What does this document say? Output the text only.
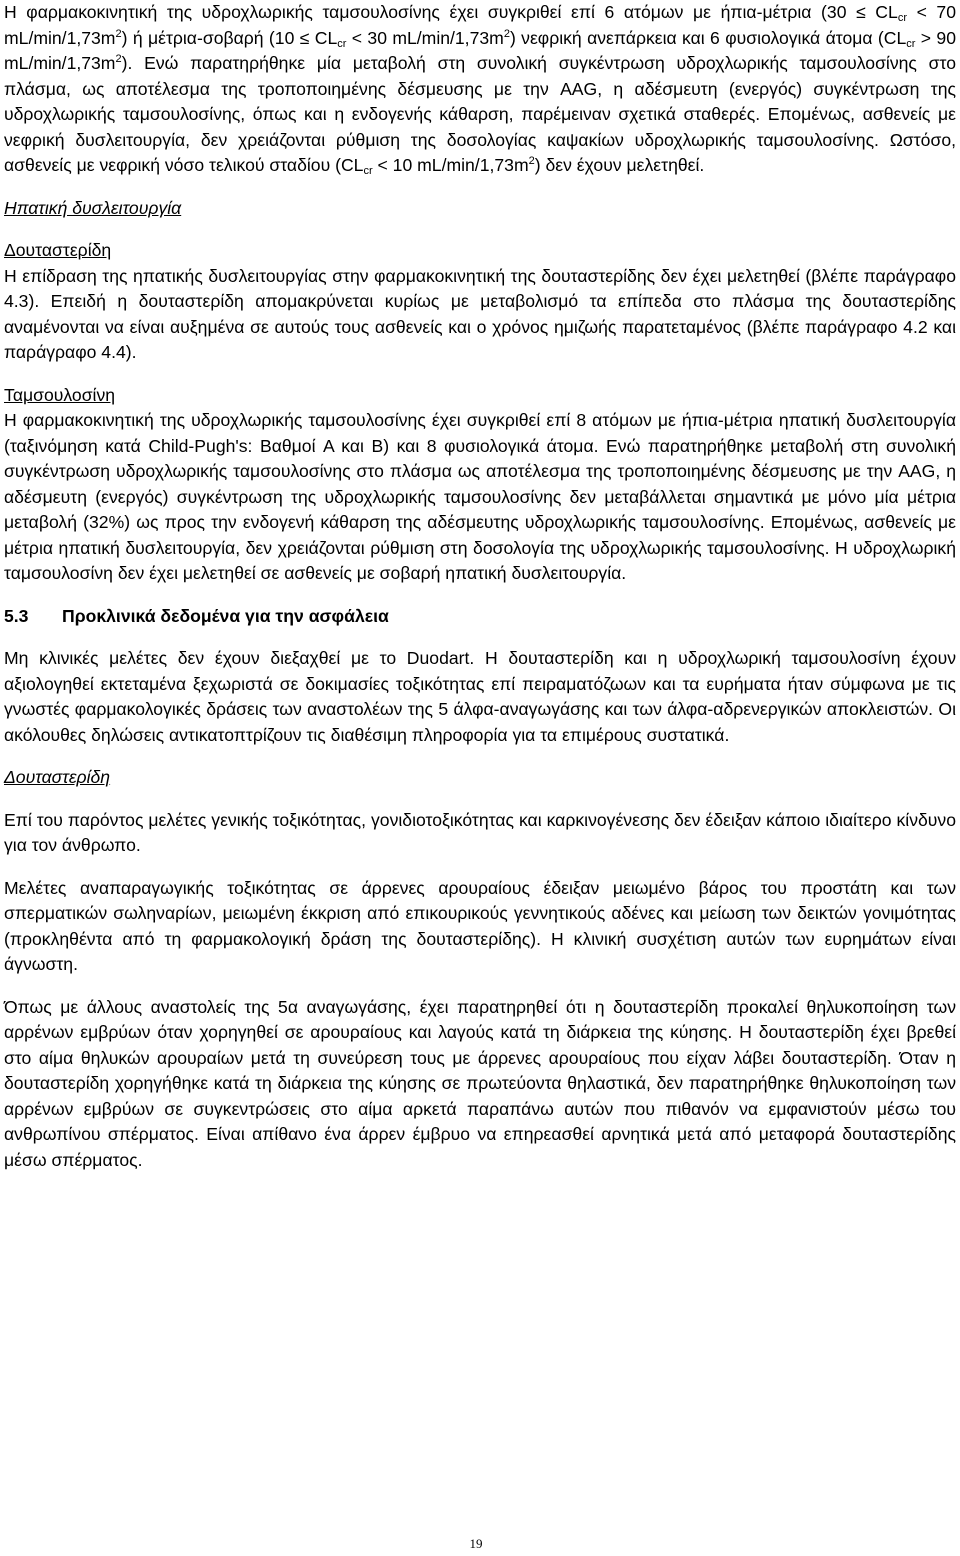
Η φαρμακοκινητική της υδροχλωρικής ταμσουλοσίνης έχει συγκριθεί επί 6 ατόμων με ήπια-μέτρια ($30 \le CL_{cr} < 70$ $mL/\min/1,73m^2$) ή μέτρια-σοβαρή ($10 \le CL_{cr} < 30$ $mL/\min/1,73m^2$) νεφρική ανεπάρκεια και 6 φυσιολογικά άτομα ($CL_{cr} > 90$ $mL/\min/1,73m^2$). Ενώ παρατηρήθηκε μία μεταβολή στη συνολική συγκέντρωση υδροχλωρικής ταμσουλοσίνης στο πλάσμα, ως αποτέλεσμα της τροποποιημένης δέσμευσης με την AAG, η αδέσμευτη (ενεργός) συγκέντρωση της υδροχλωρικής ταμσουλοσίνης, όπως και η ενδογενής κάθαρση, παρέμειναν σχετικά σταθερές. Επομένως, ασθενείς με νεφρική δυσλειτουργία, δεν χρειάζονται ρύθμιση της δοσολογίας καψακίων υδροχλωρικής ταμσουλοσίνης. Ωστόσο, ασθενείς με νεφρική νόσο τελικού σταδίου ($CL_{cr} < 10$ $mL/\min/1,73m^2$) δεν έχουν μελετηθεί.

Ηπατική δυσλειτουργία

Δουταστερίδη

Η επίδραση της ηπατικής δυσλειτουργίας στην φαρμακοκινητική της δουταστερίδης δεν έχει μελετηθεί (βλέπε παράγραφο 4.3). Επειδή η δουταστερίδη απομακρύνεται κυρίως με μεταβολισμό τα επίπεδα στο πλάσμα της δουταστερίδης αναμένονται να είναι αυξημένα σε αυτούς τους ασθενείς και ο χρόνος ημιζωής παρατεταμένος (βλέπε παράγραφο 4.2 και παράγραφο 4.4).

Ταμσουλοσίνη

Η φαρμακοκινητική της υδροχλωρικής ταμσουλοσίνης έχει συγκριθεί επί 8 ατόμων με ήπια-μέτρια ηπατική δυσλειτουργία (ταξινόμηση κατά Child-Pugh's: Βαθμοί A και B) και 8 φυσιολογικά άτομα. Ενώ παρατηρήθηκε μεταβολή στη συνολική συγκέντρωση υδροχλωρικής ταμσουλοσίνης στο πλάσμα ως αποτέλεσμα της τροποποιημένης δέσμευσης με την AAG, η αδέσμευτη (ενεργός) συγκέντρωση της υδροχλωρικής ταμσουλοσίνης δεν μεταβάλλεται σημαντικά με μόνο μία μέτρια μεταβολή (32%) ως προς την ενδογενή κάθαρση της αδέσμευτης υδροχλωρικής ταμσουλοσίνης. Επομένως, ασθενείς με μέτρια ηπατική δυσλειτουργία, δεν χρειάζονται ρύθμιση στη δοσολογία της υδροχλωρικής ταμσουλοσίνης. Η υδροχλωρική ταμσουλοσίνη δεν έχει μελετηθεί σε ασθενείς με σοβαρή ηπατική δυσλειτουργία.

5.3 Προκλινικά δεδομένα για την ασφάλεια

Μη κλινικές μελέτες δεν έχουν διεξαχθεί με το Duodart. Η δουταστερίδη και η υδροχλωρική ταμσουλοσίνη έχουν αξιολογηθεί εκτεταμένα ξεχωριστά σε δοκιμασίες τοξικότητας επί πειραματόζωων και τα ευρήματα ήταν σύμφωνα με τις γνωστές φαρμακολογικές δράσεις των αναστολέων της 5 άλφα-αναγωγάσης και των άλφα-αδρενεργικών αποκλειστών. Οι ακόλουθες δηλώσεις αντικατοπτρίζουν τις διαθέσιμη πληροφορία για τα επιμέρους συστατικά.

Δουταστερίδη

Επί του παρόντος μελέτες γενικής τοξικότητας, γονιδιοτοξικότητας και καρκινογένεσης δεν έδειξαν κάποιο ιδιαίτερο κίνδυνο για τον άνθρωπο.

Μελέτες αναπαραγωγικής τοξικότητας σε άρρενες αρουραίους έδειξαν μειωμένο βάρος του προστάτη και των σπερματικών σωληναρίων, μειωμένη έκκριση από επικουρικούς γεννητικούς αδένες και μείωση των δεικτών γονιμότητας (προκληθέντα από τη φαρμακολογική δράση της δουταστερίδης). Η κλινική συσχέτιση αυτών των ευρημάτων είναι άγνωστη.

Όπως με άλλους αναστολείς της 5α αναγωγάσης, έχει παρατηρηθεί ότι η δουταστερίδη προκαλεί θηλυκοποίηση των αρρένων εμβρύων όταν χορηγηθεί σε αρουραίους και λαγούς κατά τη διάρκεια της κύησης. Η δουταστερίδη έχει βρεθεί στο αίμα θηλυκών αρουραίων μετά τη συνεύρεση τους με άρρενες αρουραίους που είχαν λάβει δουταστερίδη. Όταν η δουταστερίδη χορηγήθηκε κατά τη διάρκεια της κύησης σε πρωτεύοντα θηλαστικά, δεν παρατηρήθηκε θηλυκοποίηση των αρρένων εμβρύων σε συγκεντρώσεις στο αίμα αρκετά παραπάνω αυτών που πιθανόν να εμφανιστούν μέσω του ανθρωπίνου σπέρματος. Είναι απίθανο ένα άρρεν έμβρυο να επηρεασθεί αρνητικά μετά από μεταφορά δουταστερίδης μέσω σπέρματος.

19
